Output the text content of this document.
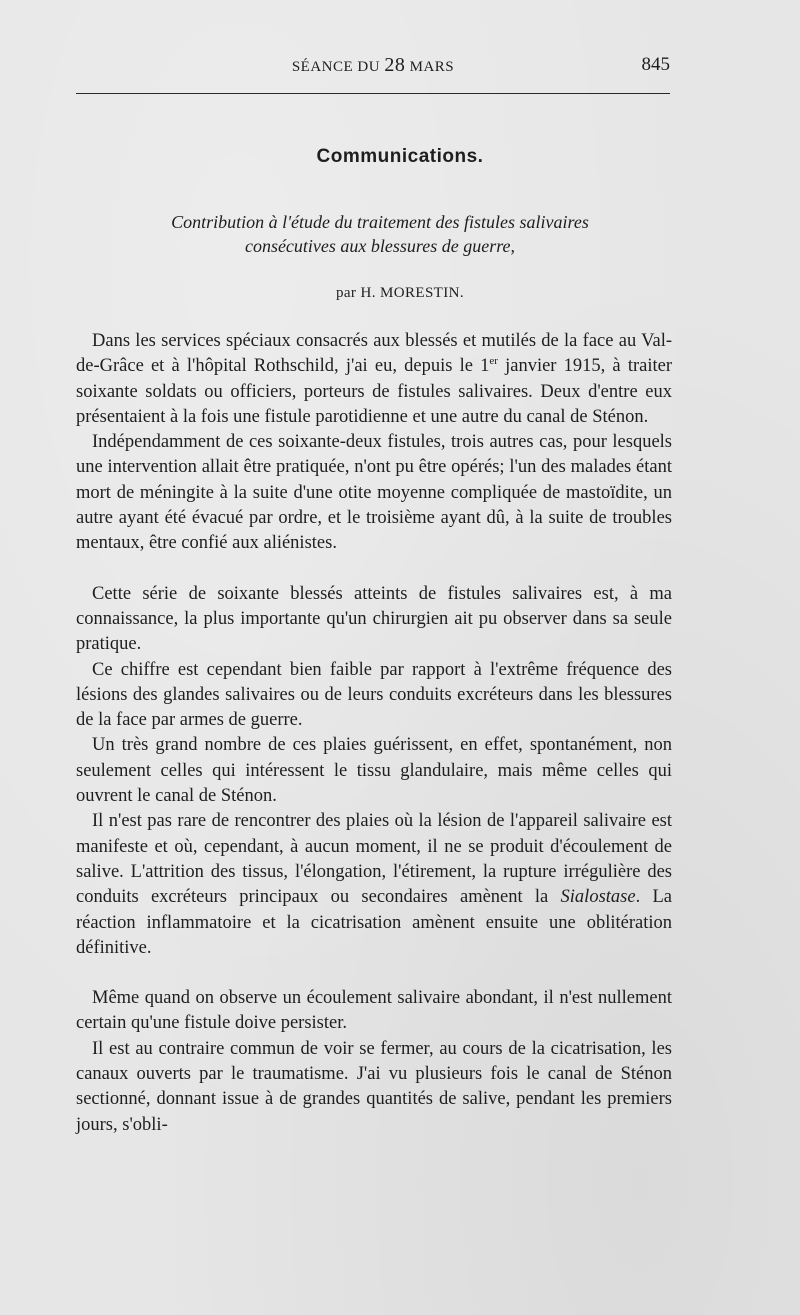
SÉANCE DU 28 MARS	845
Communications.
Contribution à l'étude du traitement des fistules salivaires
consécutives aux blessures de guerre,
par H. MORESTIN.

Dans les services spéciaux consacrés aux blessés et mutilés de la face au Val-de-Grâce et à l'hôpital Rothschild, j'ai eu, depuis le 1er janvier 1915, à traiter soixante soldats ou officiers, porteurs de fistules salivaires. Deux d'entre eux présentaient à la fois une fistule parotidienne et une autre du canal de Sténon.

Indépendamment de ces soixante-deux fistules, trois autres cas, pour lesquels une intervention allait être pratiquée, n'ont pu être opérés; l'un des malades étant mort de méningite à la suite d'une otite moyenne compliquée de mastoïdite, un autre ayant été évacué par ordre, et le troisième ayant dû, à la suite de troubles mentaux, être confié aux aliénistes.

Cette série de soixante blessés atteints de fistules salivaires est, à ma connaissance, la plus importante qu'un chirurgien ait pu observer dans sa seule pratique.

Ce chiffre est cependant bien faible par rapport à l'extrême fréquence des lésions des glandes salivaires ou de leurs conduits excréteurs dans les blessures de la face par armes de guerre.

Un très grand nombre de ces plaies guérissent, en effet, spontanément, non seulement celles qui intéressent le tissu glandulaire, mais même celles qui ouvrent le canal de Sténon.

Il n'est pas rare de rencontrer des plaies où la lésion de l'appareil salivaire est manifeste et où, cependant, à aucun moment, il ne se produit d'écoulement de salive. L'attrition des tissus, l'élongation, l'étirement, la rupture irrégulière des conduits excréteurs principaux ou secondaires amènent la Sialostase. La réaction inflammatoire et la cicatrisation amènent ensuite une oblitération définitive.

Même quand on observe un écoulement salivaire abondant, il n'est nullement certain qu'une fistule doive persister.

Il est au contraire commun de voir se fermer, au cours de la cicatrisation, les canaux ouverts par le traumatisme. J'ai vu plusieurs fois le canal de Sténon sectionné, donnant issue à de grandes quantités de salive, pendant les premiers jours, s'obli-
